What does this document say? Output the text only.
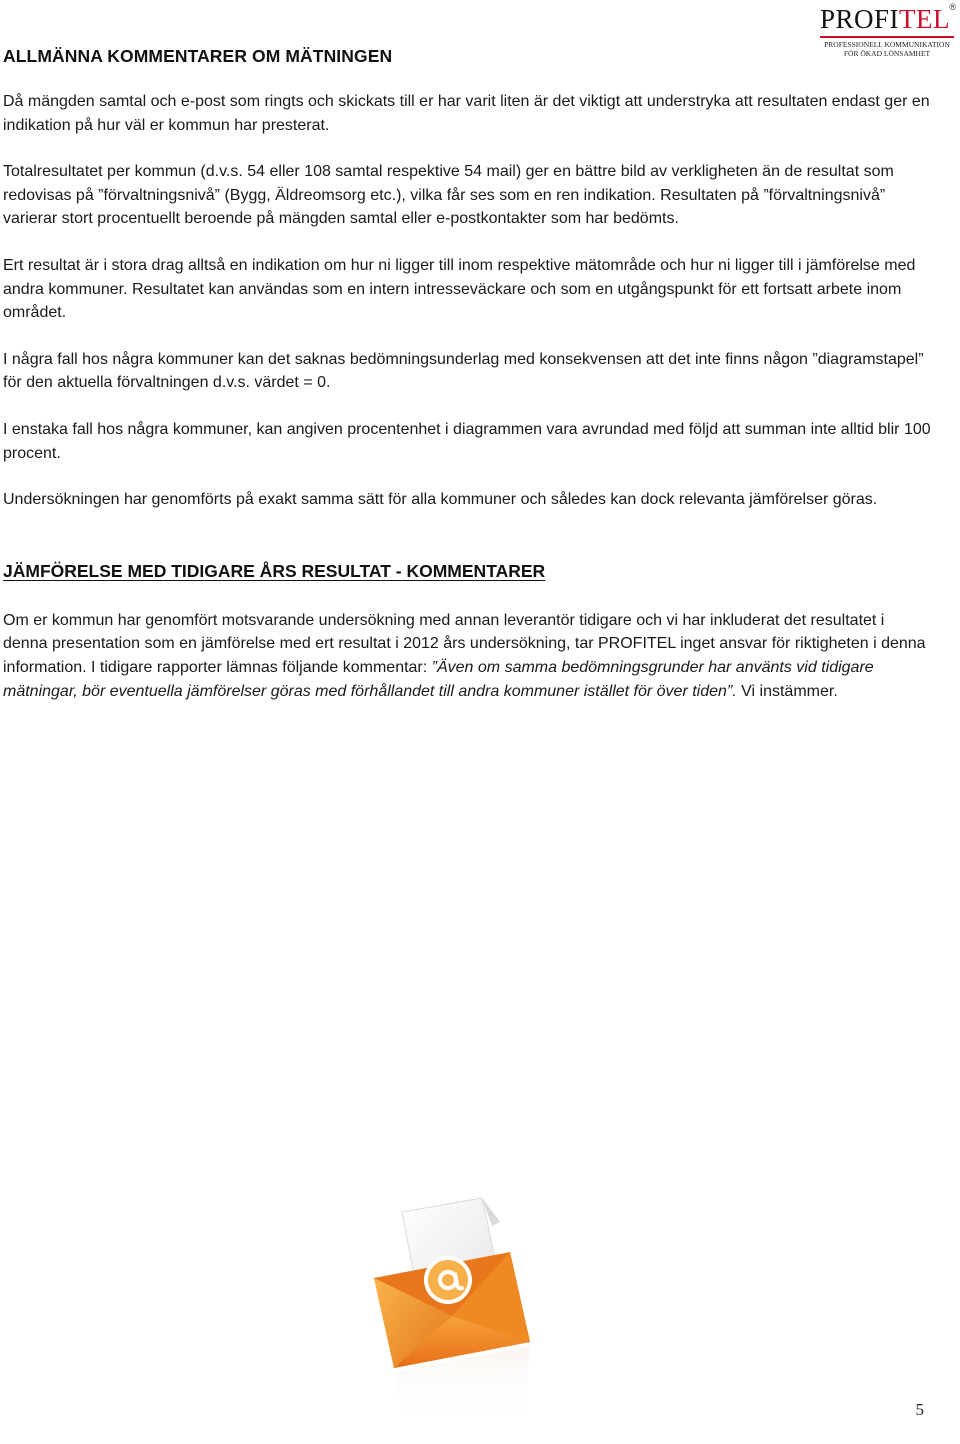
PROFITEL ®
PROFESSIONELL KOMMUNIKATION
FÖR ÖKAD LÖNSAMHET
ALLMÄNNA KOMMENTARER OM MÄTNINGEN

Då mängden samtal och e-post som ringts och skickats till er har varit liten är det viktigt att understryka att resultaten endast ger en indikation på hur väl er kommun har presterat.

Totalresultatet per kommun (d.v.s. 54 eller 108 samtal respektive 54 mail) ger en bättre bild av verkligheten än de resultat som redovisas på ”förvaltningsnivå” (Bygg, Äldreomsorg etc.), vilka får ses som en ren indikation. Resultaten på ”förvaltningsnivå” varierar stort procentuellt beroende på mängden samtal eller e-postkontakter som har bedömts.

Ert resultat är i stora drag alltså en indikation om hur ni ligger till inom respektive mätområde och hur ni ligger till i jämförelse med andra kommuner. Resultatet kan användas som en intern intresseväckare och som en utgångspunkt för ett fortsatt arbete inom området.

I några fall hos några kommuner kan det saknas bedömningsunderlag med konsekvensen att det inte finns någon ”diagramstapel” för den aktuella förvaltningen d.v.s. värdet = 0.

I enstaka fall hos några kommuner, kan angiven procentenhet i diagrammen vara avrundad med följd att summan inte alltid blir 100 procent.

Undersökningen har genomförts på exakt samma sätt för alla kommuner och således kan dock relevanta jämförelser göras.

JÄMFÖRELSE MED TIDIGARE ÅRS RESULTAT - KOMMENTARER

Om er kommun har genomfört motsvarande undersökning med annan leverantör tidigare och vi har inkluderat det resultatet i denna presentation som en jämförelse med ert resultat i 2012 års undersökning, tar PROFITEL inget ansvar för riktigheten i denna information. I tidigare rapporter lämnas följande kommentar: ”Även om samma bedömningsgrunder har använts vid tidigare mätningar, bör eventuella jämförelser göras med förhållandet till andra kommuner istället för över tiden”. Vi instämmer.

5
